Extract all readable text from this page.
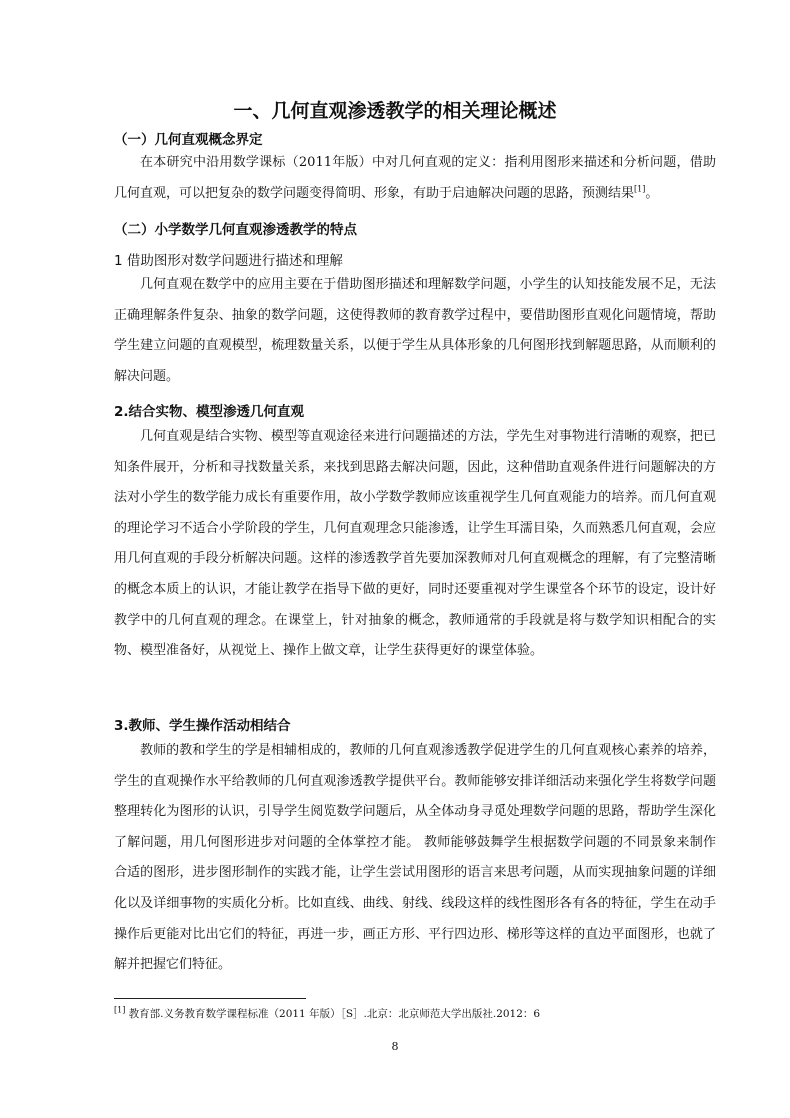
一、几何直观渗透教学的相关理论概述
（一）几何直观概念界定

在本研究中沿用数学课标（2011年版）中对几何直观的定义：指利用图形来描述和分析问题，借助几何直观，可以把复杂的数学问题变得简明、形象，有助于启迪解决问题的思路，预测结果[1]。

（二）小学数学几何直观渗透教学的特点
1 借助图形对数学问题进行描述和理解

几何直观在数学中的应用主要在于借助图形描述和理解数学问题，小学生的认知技能发展不足，无法正确理解条件复杂、抽象的数学问题，这使得教师的教育教学过程中，要借助图形直观化问题情境，帮助学生建立问题的直观模型，梳理数量关系，以便于学生从具体形象的几何图形找到解题思路，从而顺利的解决问题。

2.结合实物、模型渗透几何直观

几何直观是结合实物、模型等直观途径来进行问题描述的方法，学先生对事物进行清晰的观察，把已知条件展开，分析和寻找数量关系，来找到思路去解决问题，因此，这种借助直观条件进行问题解决的方法对小学生的数学能力成长有重要作用，故小学数学教师应该重视学生几何直观能力的培养。而几何直观的理论学习不适合小学阶段的学生，几何直观理念只能渗透，让学生耳濡目染，久而熟悉几何直观，会应用几何直观的手段分析解决问题。这样的渗透教学首先要加深教师对几何直观概念的理解，有了完整清晰的概念本质上的认识，才能让教学在指导下做的更好，同时还要重视对学生课堂各个环节的设定，设计好教学中的几何直观的理念。在课堂上，针对抽象的概念，教师通常的手段就是将与数学知识相配合的实物、模型准备好，从视觉上、操作上做文章，让学生获得更好的课堂体验。

3.教师、学生操作活动相结合

教师的教和学生的学是相辅相成的，教师的几何直观渗透教学促进学生的几何直观核心素养的培养，学生的直观操作水平给教师的几何直观渗透教学提供平台。教师能够安排详细活动来强化学生将数学问题整理转化为图形的认识，引导学生阅览数学问题后，从全体动身寻觅处理数学问题的思路，帮助学生深化了解问题，用几何图形进步对问题的全体掌控才能。 教师能够鼓舞学生根据数学问题的不同景象来制作合适的图形，进步图形制作的实践才能，让学生尝试用图形的语言来思考问题，从而实现抽象问题的详细化以及详细事物的实质化分析。比如直线、曲线、射线、线段这样的线性图形各有各的特征，学生在动手操作后更能对比出它们的特征，再进一步，画正方形、平行四边形、梯形等这样的直边平面图形，也就了解并把握它们特征。

[1] 教育部.义务教育数学课程标准（2011 年版）［S］.北京：北京师范大学出版社.2012：6

8
